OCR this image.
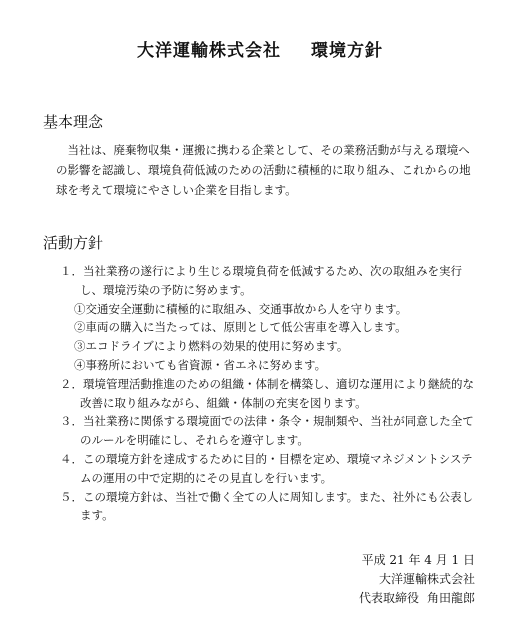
大洋運輸株式会社 環境方針
基本理念

当社は、廃棄物収集・運搬に携わる企業として、その業務活動が与える環境への影響を認識し、環境負荷低減のための活動に積極的に取り組み、これからの地球を考えて環境にやさしい企業を目指します。

活動方針
１．当社業務の遂行により生じる環境負荷を低減するため、次の取組みを実行し、環境汚染の予防に努めます。
①交通安全運動に積極的に取組み、交通事故から人を守ります。
②車両の購入に当たっては、原則として低公害車を導入します。
③エコドライブにより燃料の効果的使用に努めます。
④事務所においても省資源・省エネに努めます。
２．環境管理活動推進のための組織・体制を構築し、適切な運用により継続的な改善に取り組みながら、組織・体制の充実を図ります。
３．当社業務に関係する環境面での法律・条令・規制類や、当社が同意した全てのルールを明確にし、それらを遵守します。
４．この環境方針を達成するために目的・目標を定め、環境マネジメントシステムの運用の中で定期的にその見直しを行います。
５．この環境方針は、当社で働く全ての人に周知します。また、社外にも公表します。
平成 21 年 4 月 1 日
大洋運輸株式会社
代表取締役 角田龍郎
